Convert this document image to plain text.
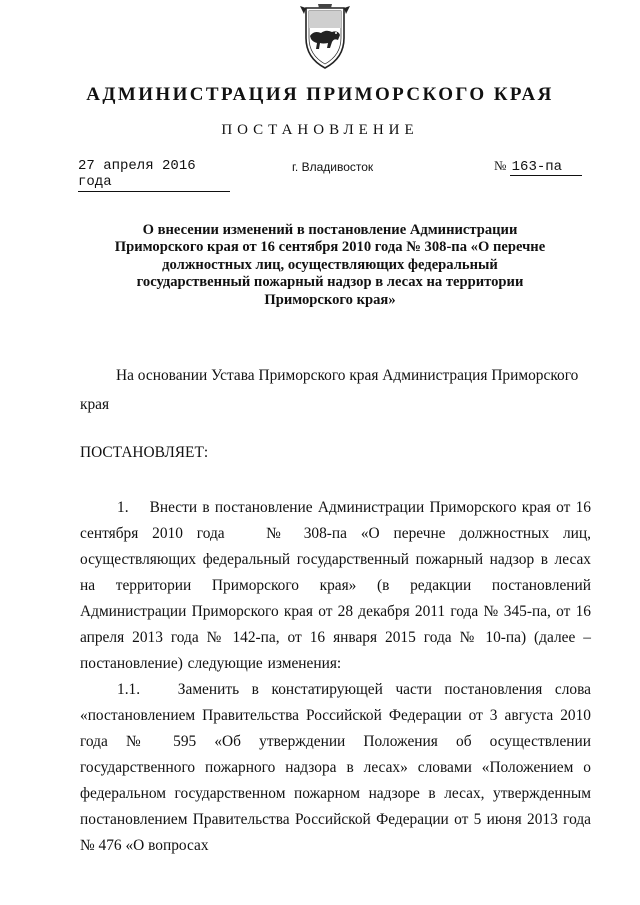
АДМИНИСТРАЦИЯ ПРИМОРСКОГО КРАЯ
ПОСТАНОВЛЕНИЕ
27 апреля 2016 года
г. Владивосток	№ 163-па
О внесении изменений в постановление Администрации Приморского края от 16 сентября 2010 года № 308-па «О перечне должностных лиц, осуществляющих федеральный государственный пожарный надзор в лесах на территории Приморского края»
На основании Устава Приморского края Администрация Приморского края
ПОСТАНОВЛЯЕТ:
1.    Внести в постановление Администрации Приморского края от 16 сентября 2010 года   № 308-па «О перечне должностных лиц, осуществляющих федеральный государственный пожарный надзор в лесах на территории Приморского края» (в редакции постановлений Администрации Приморского края от 28 декабря 2011 года № 345-па, от 16 апреля 2013 года № 142-па, от 16 января 2015 года № 10-па) (далее – постановление) следующие изменения:
1.1.   Заменить в констатирующей части постановления слова «постановлением Правительства Российской Федерации от 3 августа 2010 года № 595 «Об утверждении Положения об осуществлении государственного пожарного надзора в лесах» словами «Положением о федеральном государственном пожарном надзоре в лесах, утвержденным постановлением Правительства Российской Федерации от 5 июня 2013 года № 476 «О вопросах
